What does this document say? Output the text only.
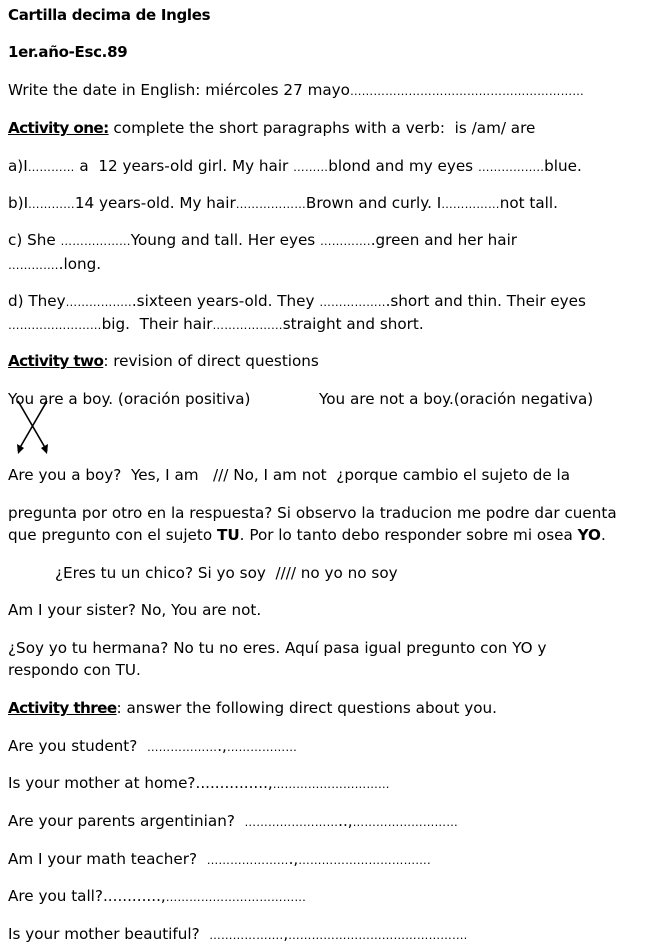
Cartilla decima de Ingles
1er.año-Esc.89
Write the date in English: miércoles 27 mayo……………………………………………………
Activity one: complete the short paragraphs with a verb:  is /am/ are
a)I………… a  12 years-old girl. My hair ………blond and my eyes ……………..blue.
b)I…………14 years-old. My hair………………Brown and curly. I……………not tall.
c) She ………………Young and tall. Her eyes …………..green and her hair
…………..long.
d) They……………...sixteen years-old. They ……………...short and thin. Their eyes
……………………big.  Their hair………………straight and short.
Activity two: revision of direct questions
You are a boy. (oración positiva)	You are not a boy.(oración negativa)
Are you a boy?  Yes, I am   /// No, I am not  ¿porque cambio el sujeto de la
pregunta por otro en la respuesta? Si observo la traducion me podre dar cuenta
que pregunto con el sujeto TU. Por lo tanto debo responder sobre mi osea YO.
¿Eres tu un chico? Si yo soy  //// no yo no soy
Am I your sister? No, You are not.
¿Soy yo tu hermana? No tu no eres. Aquí pasa igual pregunto con YO y
respondo con TU.
Activity three: answer the following direct questions about you.
Are you student?  ……………….,………………
Is your mother at home?...............,…………………………
Are your parents argentinian?  ……………………..,………………………
Am I your math teacher?  ………………….,…………………………….
Are you tall?............,………………………………
Is your mother beautiful?  ……………….,……………………………………….
